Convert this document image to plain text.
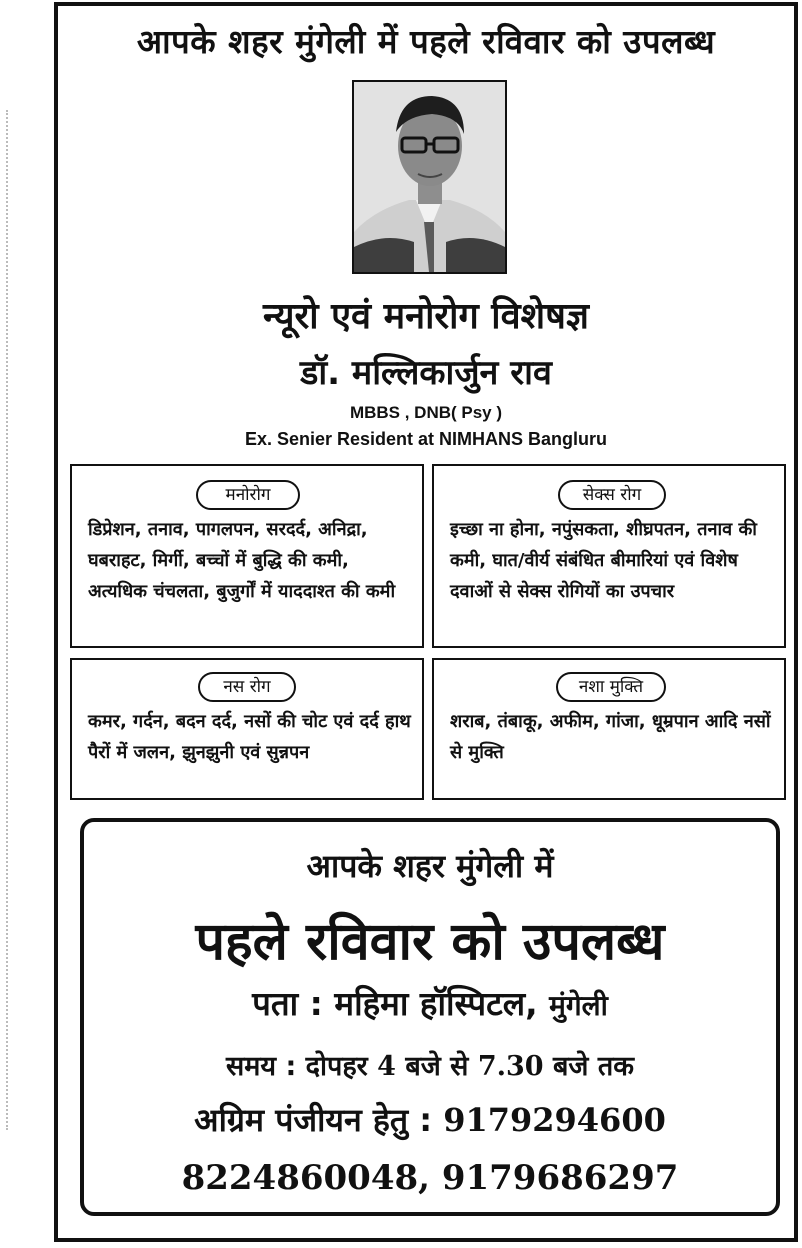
आपके शहर मुंगेली में पहले रविवार को उपलब्ध
न्यूरो एवं मनोरोग विशेषज्ञ
डॉ. मल्लिकार्जुन राव
MBBS , DNB( Psy )
Ex. Senier Resident at NIMHANS Bangluru
मनोरोग
डिप्रेशन, तनाव, पागलपन, सरदर्द, अनिद्रा, घबराहट, मिर्गी, बच्चों में बुद्धि की कमी, अत्यधिक चंचलता, बुजुर्गों में याददाश्त की कमी
सेक्स रोग
इच्छा ना होना, नपुंसकता, शीघ्रपतन, तनाव की कमी, घात/वीर्य संबंधित बीमारियां एवं विशेष दवाओं से सेक्स रोगियों का उपचार
नस रोग
कमर, गर्दन, बदन दर्द, नसों की चोट एवं दर्द हाथ पैरों में जलन, झुनझुनी एवं सुन्नपन
नशा मुक्ति
शराब, तंबाकू, अफीम, गांजा, धूम्रपान आदि नसों से मुक्ति
आपके शहर मुंगेली में
पहले रविवार को उपलब्ध
पता : महिमा हॉस्पिटल, मुंगेली
समय : दोपहर 4 बजे से 7.30 बजे तक
अग्रिम पंजीयन हेतु : 9179294600
8224860048, 9179686297
